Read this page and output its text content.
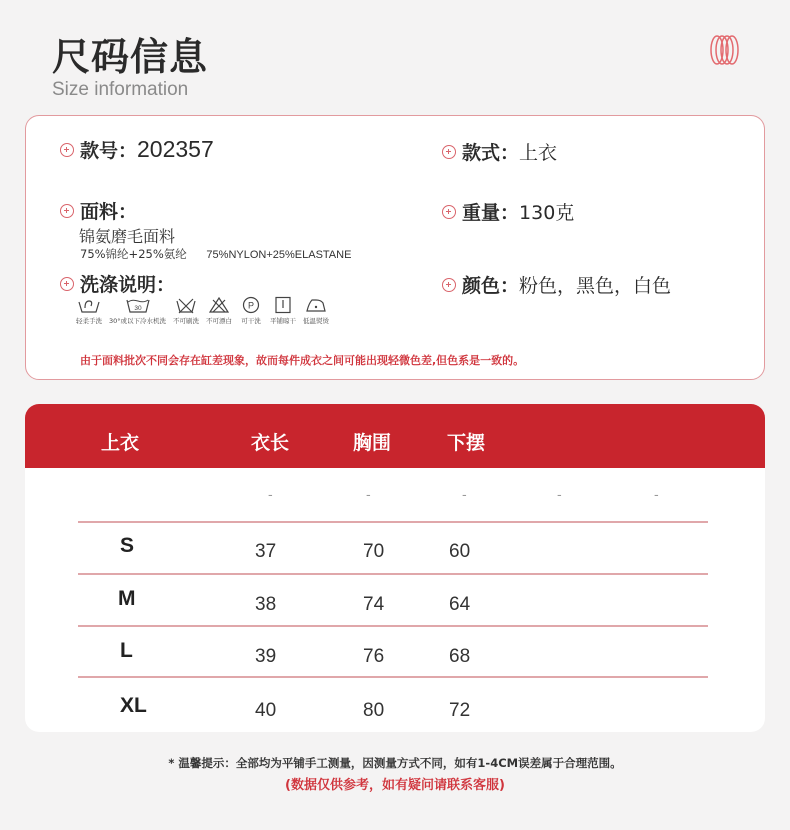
尺码信息
Size information
款号： 202357	款式： 上衣
面料：
锦氨磨毛面料
75%锦纶+25%氨纶 75%NYLON+25%ELASTANE
重量： 130克
洗涤说明：	颜色： 粉色，黑色，白色
轻柔手洗
30
30°或以下冷水机洗 不可刷洗 不可漂白
P
可干洗 平铺晾干 低温熨烫
由于面料批次不同会存在缸差现象，故而每件成衣之间可能出现轻微色差,但色系是一致的。
上衣	衣长	胸围	下摆
-	-	-	-	-
S	37	70	60
M	38	74	64
L	39	76	68
XL	40	80	72
* 温馨提示：全部均为平铺手工测量，因测量方式不同，如有1-4CM误差属于合理范围。
(数据仅供参考，如有疑问请联系客服)
